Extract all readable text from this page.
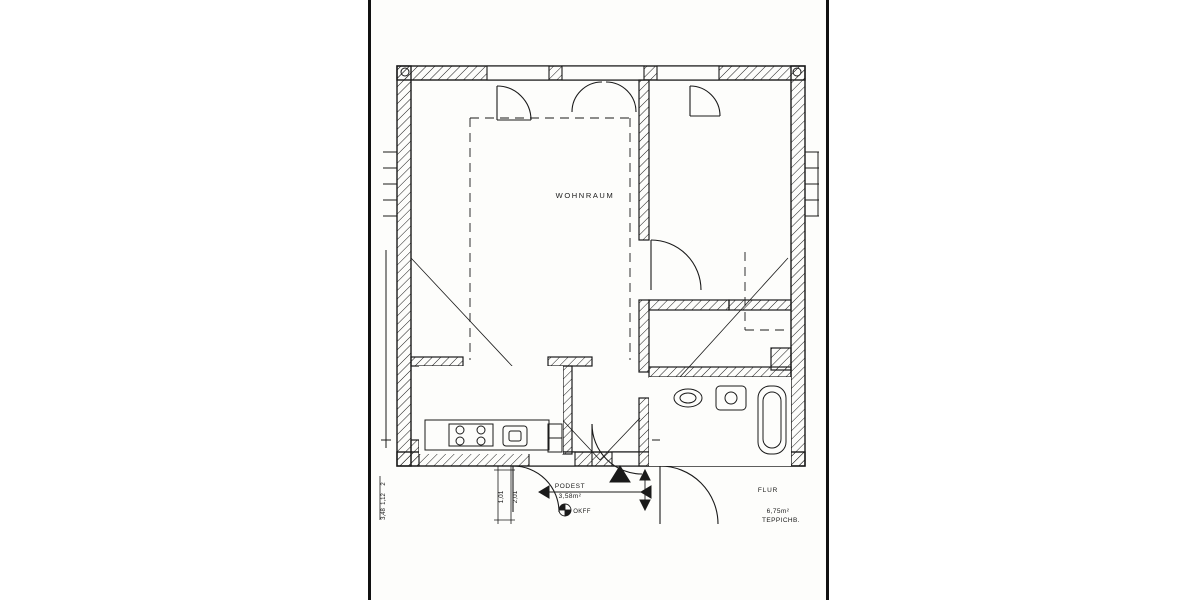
WOHNRAUM
PODEST
3,58m²
OKFF
FLUR
6,75m²
TEPPICHB.
1,01 2,01
2
1,12
3,48
